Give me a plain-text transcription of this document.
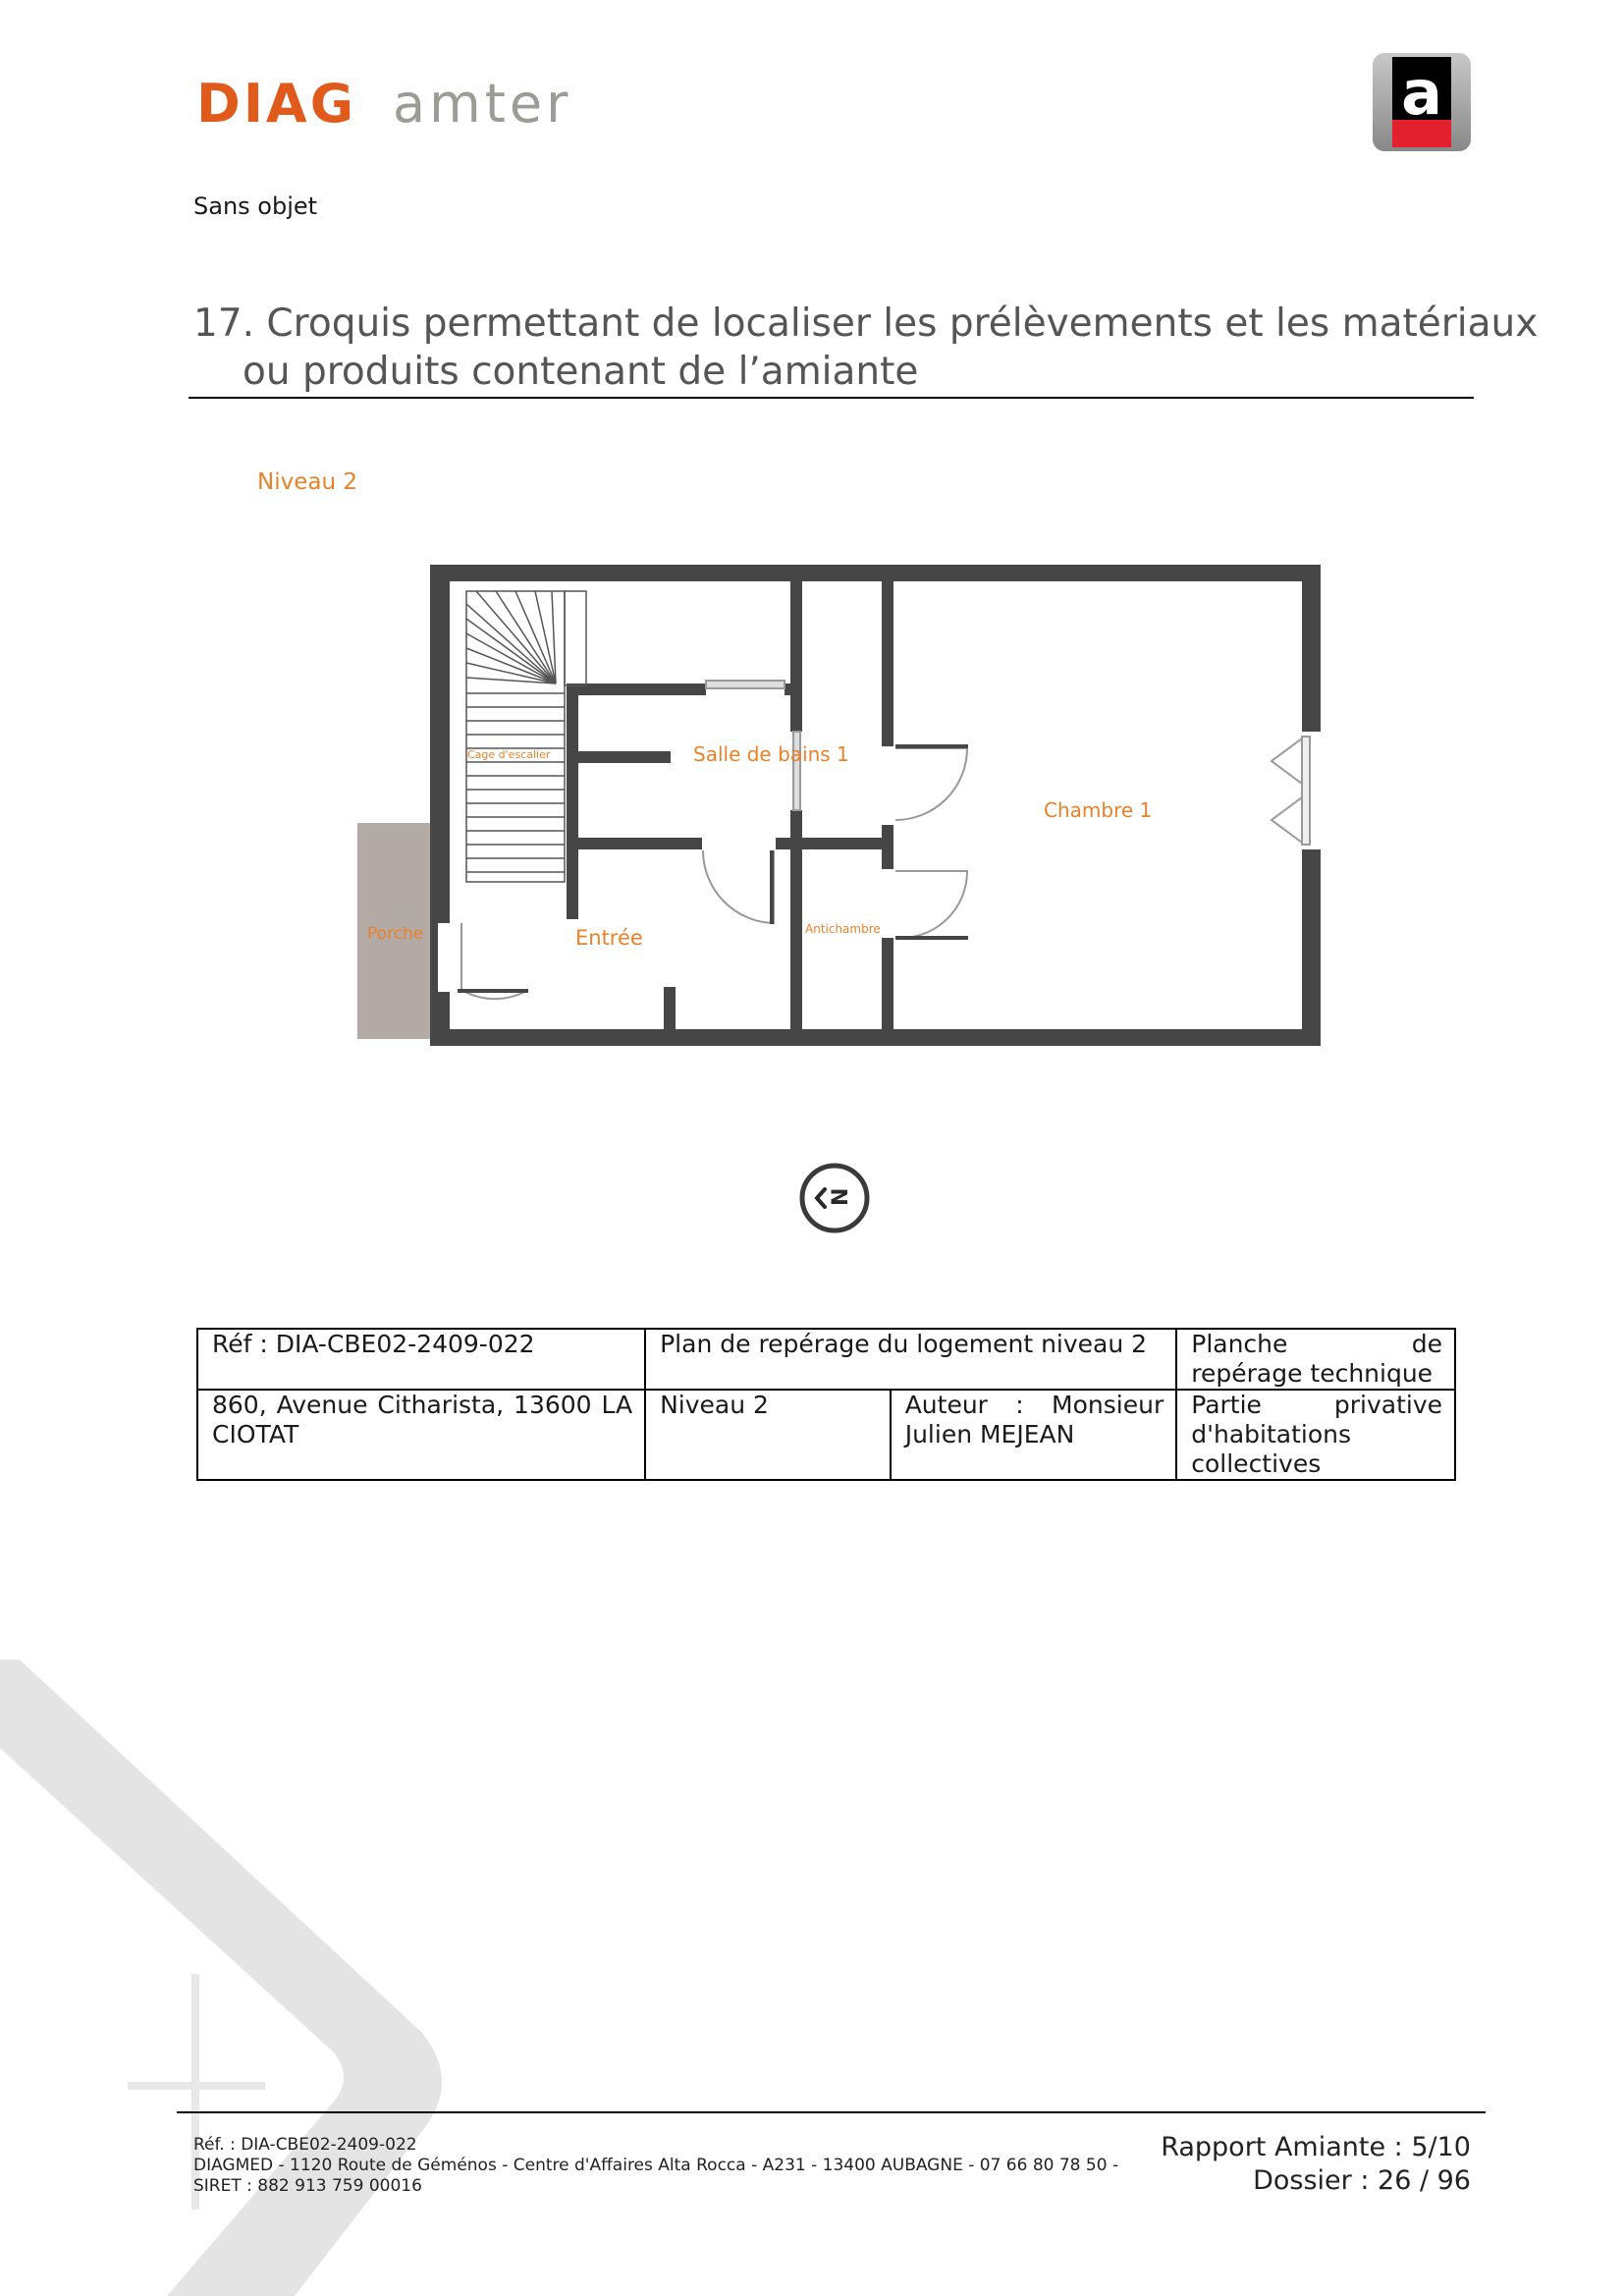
DIAG amter	a
Sans objet
17. Croquis permettant de localiser les prélèvements et les matériaux
ou produits contenant de l’amiante
Niveau 2
Cage d'escalier	Salle de bains 1
Chambre 1
Porche	Entrée	Antichambre
N
Réf : DIA-CBE02-2409-022	Plan de repérage du logement niveau 2		Planche de repérage technique
860, Avenue Citharista, 13600 LA CIOTAT	Niveau 2	Auteur : Monsieur Julien MEJEAN	Partie privative d'habitations collectives
Réf. : DIA-CBE02-2409-022
DIAGMED - 1120 Route de Géménos - Centre d'Affaires Alta Rocca - A231 - 13400 AUBAGNE - 07 66 80 78 50 -
SIRET : 882 913 759 00016
Rapport Amiante : 5/10
Dossier : 26 / 96
